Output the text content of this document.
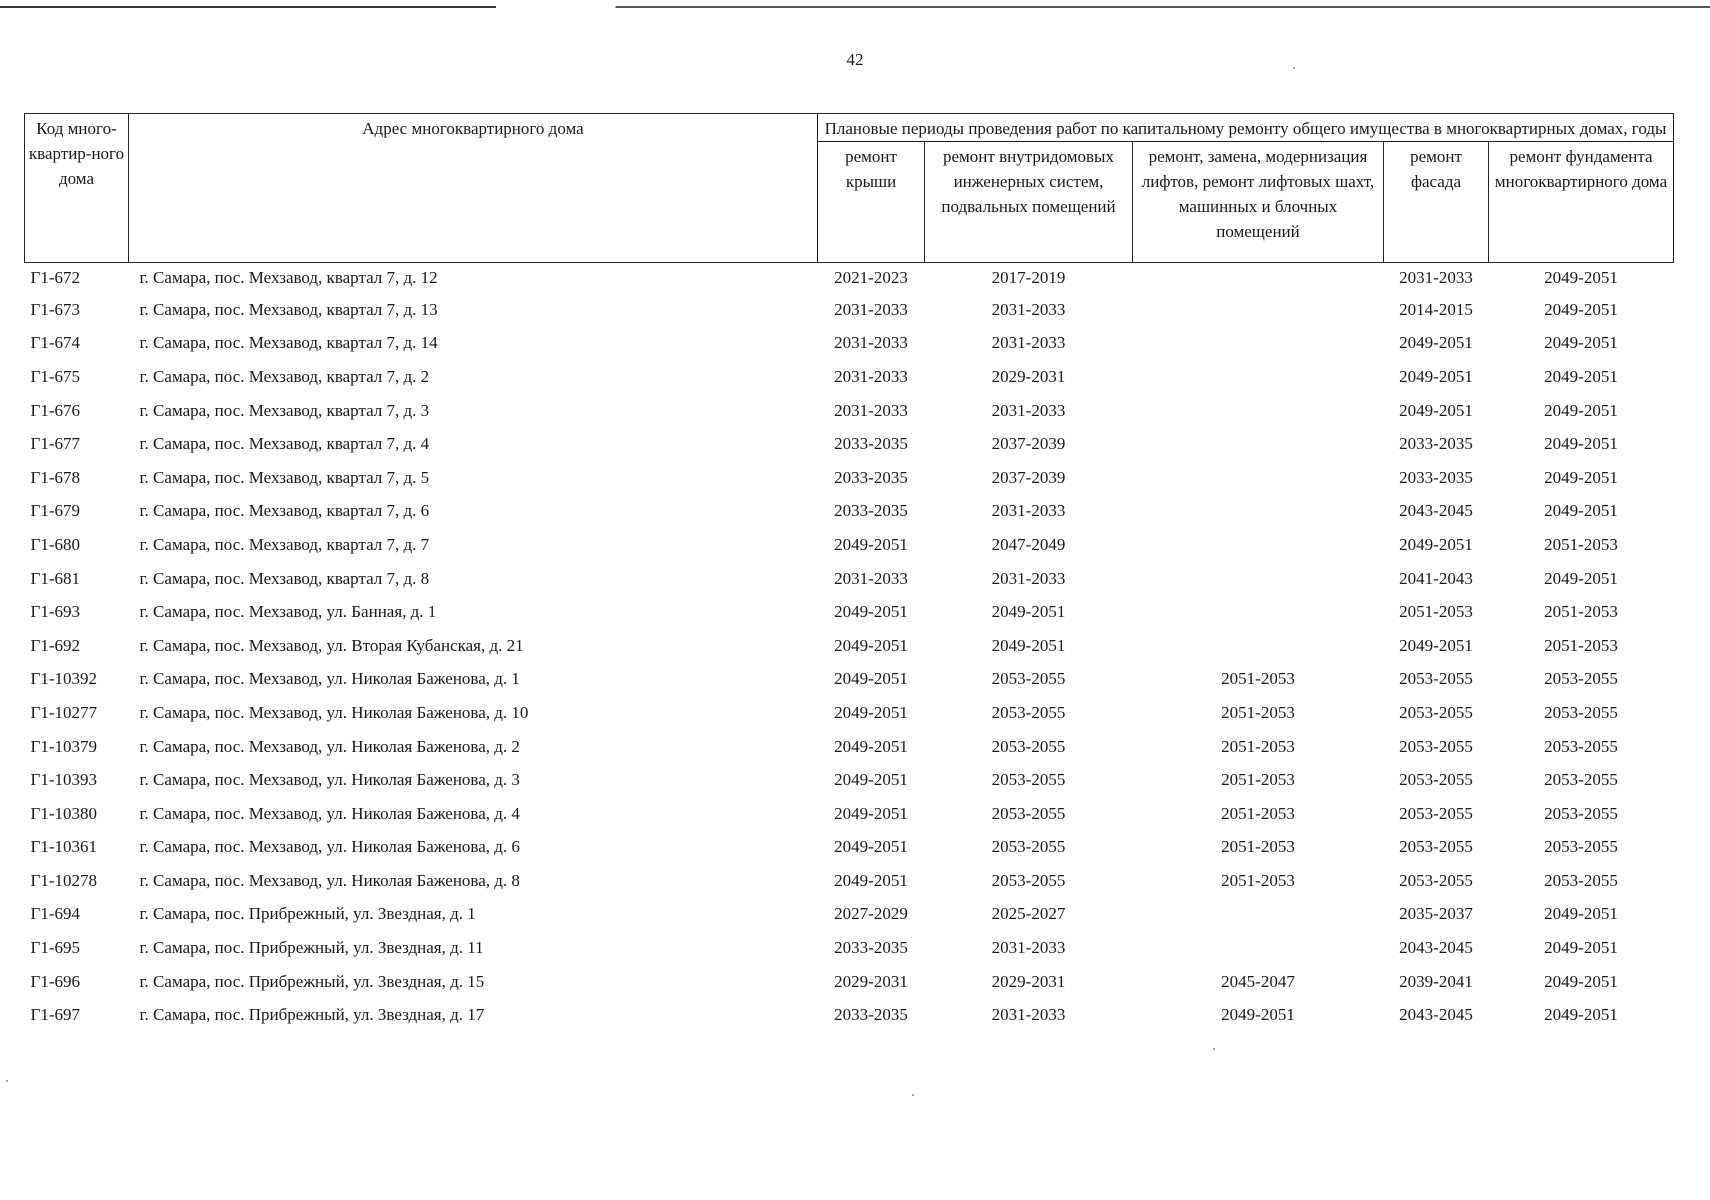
42
Код много-квартир-ного дома	Адрес многоквартирного дома	Плановые периоды проведения работ по капитальному ремонту общего имущества в многоквартирных домах, годы				
		ремонт крыши	ремонт внутридомовых инженерных систем, подвальных помещений	ремонт, замена, модернизация лифтов, ремонт лифтовых шахт, машинных и блочных помещений	ремонт фасада	ремонт фундамента многоквартирного дома
Г1-672	г. Самара, пос. Мехзавод, квартал 7, д. 12	2021-2023	2017-2019		2031-2033	2049-2051
Г1-673	г. Самара, пос. Мехзавод, квартал 7, д. 13	2031-2033	2031-2033		2014-2015	2049-2051
Г1-674	г. Самара, пос. Мехзавод, квартал 7, д. 14	2031-2033	2031-2033		2049-2051	2049-2051
Г1-675	г. Самара, пос. Мехзавод, квартал 7, д. 2	2031-2033	2029-2031		2049-2051	2049-2051
Г1-676	г. Самара, пос. Мехзавод, квартал 7, д. 3	2031-2033	2031-2033		2049-2051	2049-2051
Г1-677	г. Самара, пос. Мехзавод, квартал 7, д. 4	2033-2035	2037-2039		2033-2035	2049-2051
Г1-678	г. Самара, пос. Мехзавод, квартал 7, д. 5	2033-2035	2037-2039		2033-2035	2049-2051
Г1-679	г. Самара, пос. Мехзавод, квартал 7, д. 6	2033-2035	2031-2033		2043-2045	2049-2051
Г1-680	г. Самара, пос. Мехзавод, квартал 7, д. 7	2049-2051	2047-2049		2049-2051	2051-2053
Г1-681	г. Самара, пос. Мехзавод, квартал 7, д. 8	2031-2033	2031-2033		2041-2043	2049-2051
Г1-693	г. Самара, пос. Мехзавод, ул. Банная, д. 1	2049-2051	2049-2051		2051-2053	2051-2053
Г1-692	г. Самара, пос. Мехзавод, ул. Вторая Кубанская, д. 21	2049-2051	2049-2051		2049-2051	2051-2053
Г1-10392	г. Самара, пос. Мехзавод, ул. Николая Баженова, д. 1	2049-2051	2053-2055	2051-2053	2053-2055	2053-2055
Г1-10277	г. Самара, пос. Мехзавод, ул. Николая Баженова, д. 10	2049-2051	2053-2055	2051-2053	2053-2055	2053-2055
Г1-10379	г. Самара, пос. Мехзавод, ул. Николая Баженова, д. 2	2049-2051	2053-2055	2051-2053	2053-2055	2053-2055
Г1-10393	г. Самара, пос. Мехзавод, ул. Николая Баженова, д. 3	2049-2051	2053-2055	2051-2053	2053-2055	2053-2055
Г1-10380	г. Самара, пос. Мехзавод, ул. Николая Баженова, д. 4	2049-2051	2053-2055	2051-2053	2053-2055	2053-2055
Г1-10361	г. Самара, пос. Мехзавод, ул. Николая Баженова, д. 6	2049-2051	2053-2055	2051-2053	2053-2055	2053-2055
Г1-10278	г. Самара, пос. Мехзавод, ул. Николая Баженова, д. 8	2049-2051	2053-2055	2051-2053	2053-2055	2053-2055
Г1-694	г. Самара, пос. Прибрежный, ул. Звездная, д. 1	2027-2029	2025-2027		2035-2037	2049-2051
Г1-695	г. Самара, пос. Прибрежный, ул. Звездная, д. 11	2033-2035	2031-2033		2043-2045	2049-2051
Г1-696	г. Самара, пос. Прибрежный, ул. Звездная, д. 15	2029-2031	2029-2031	2045-2047	2039-2041	2049-2051
Г1-697	г. Самара, пос. Прибрежный, ул. Звездная, д. 17	2033-2035	2031-2033	2049-2051	2043-2045	2049-2051
